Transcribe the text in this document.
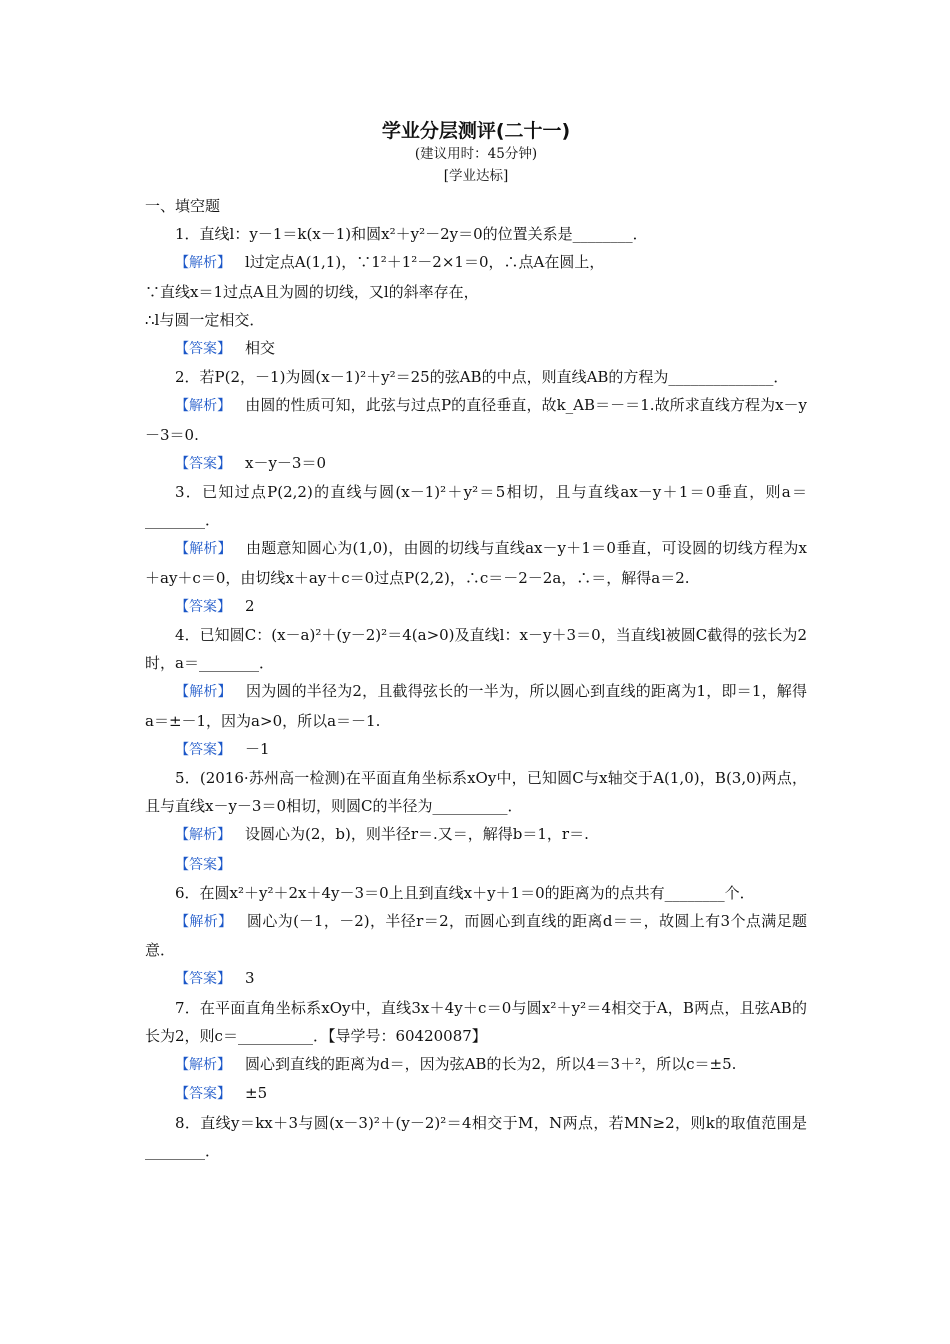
学业分层测评(二十一)

(建议用时：45分钟)

[学业达标]

一、填空题

1．直线l：y－1＝k(x－1)和圆x²＋y²－2y＝0的位置关系是________．

【解析】 l过定点A(1,1)，∵1²＋1²－2×1＝0，∴点A在圆上，

∵直线x＝1过点A且为圆的切线，又l的斜率存在，

∴l与圆一定相交．

【答案】 相交

2．若P(2，－1)为圆(x－1)²＋y²＝25的弦AB的中点，则直线AB的方程为______________．

【解析】 由圆的性质可知，此弦与过点P的直径垂直，故k_AB＝－＝1.故所求直线方程为x－y－3＝0.

【答案】 x－y－3＝0

3．已知过点P(2,2)的直线与圆(x－1)²＋y²＝5相切，且与直线ax－y＋1＝0垂直，则a＝________．

【解析】 由题意知圆心为(1,0)，由圆的切线与直线ax－y＋1＝0垂直，可设圆的切线方程为x＋ay＋c＝0，由切线x＋ay＋c＝0过点P(2,2)，∴c＝－2－2a，∴＝，解得a＝2.

【答案】 2

4．已知圆C：(x－a)²＋(y－2)²＝4(a>0)及直线l：x－y＋3＝0，当直线l被圆C截得的弦长为2时，a＝________．

【解析】 因为圆的半径为2，且截得弦长的一半为，所以圆心到直线的距离为1，即＝1，解得a＝±－1，因为a>0，所以a＝－1.

【答案】 －1

5．(2016·苏州高一检测)在平面直角坐标系xOy中，已知圆C与x轴交于A(1,0)，B(3,0)两点，且与直线x－y－3＝0相切，则圆C的半径为__________．

【解析】 设圆心为(2，b)，则半径r＝.又＝，解得b＝1，r＝.

【答案】

6．在圆x²＋y²＋2x＋4y－3＝0上且到直线x＋y＋1＝0的距离为的点共有________个．

【解析】 圆心为(－1，－2)，半径r＝2，而圆心到直线的距离d＝＝，故圆上有3个点满足题意．

【答案】 3

7．在平面直角坐标系xOy中，直线3x＋4y＋c＝0与圆x²＋y²＝4相交于A，B两点，且弦AB的长为2，则c＝__________．【导学号：60420087】

【解析】 圆心到直线的距离为d＝，因为弦AB的长为2，所以4＝3＋²，所以c＝±5.

【答案】 ±5

8．直线y＝kx＋3与圆(x－3)²＋(y－2)²＝4相交于M，N两点，若MN≥2，则k的取值范围是________．
